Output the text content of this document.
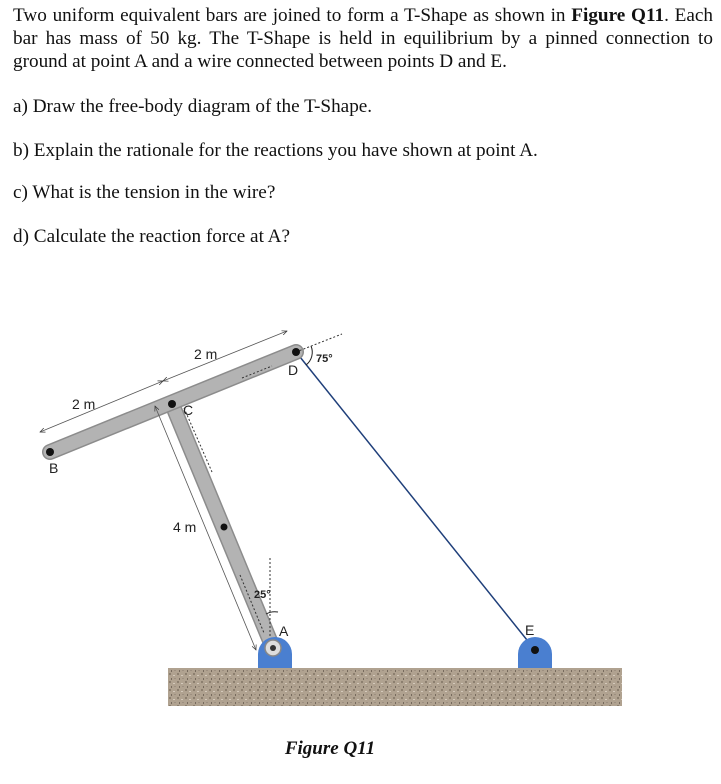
Two uniform equivalent bars are joined to form a T-Shape as shown in Figure Q11. Each bar has mass of 50 kg. The T-Shape is held in equilibrium by a pinned connection to ground at point A and a wire connected between points D and E.

a) Draw the free-body diagram of the T-Shape.
b) Explain the rationale for the reactions you have shown at point A.
c) What is the tension in the wire?
d) Calculate the reaction force at A?
B
C
D
A	E
2 m
2 m
4 m
75°
25°
Figure Q11
